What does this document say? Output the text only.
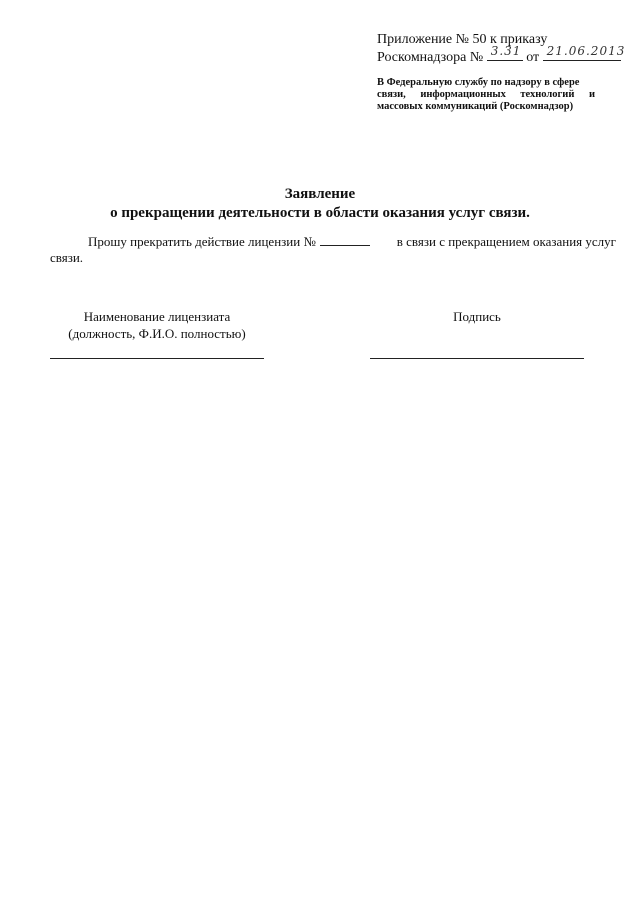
Приложение № 50 к приказу
Роскомнадзора № 3.31 от 21.06.2013
В Федеральную службу по надзору в сфере
связи, информационных технологий и
массовых коммуникаций (Роскомнадзор)
Заявление
о прекращении деятельности в области оказания услуг связи.
Прошу прекратить действие лицензии №	в связи с прекращением оказания услуг
связи.
Наименование лицензиата
(должность, Ф.И.О. полностью)
Подпись
